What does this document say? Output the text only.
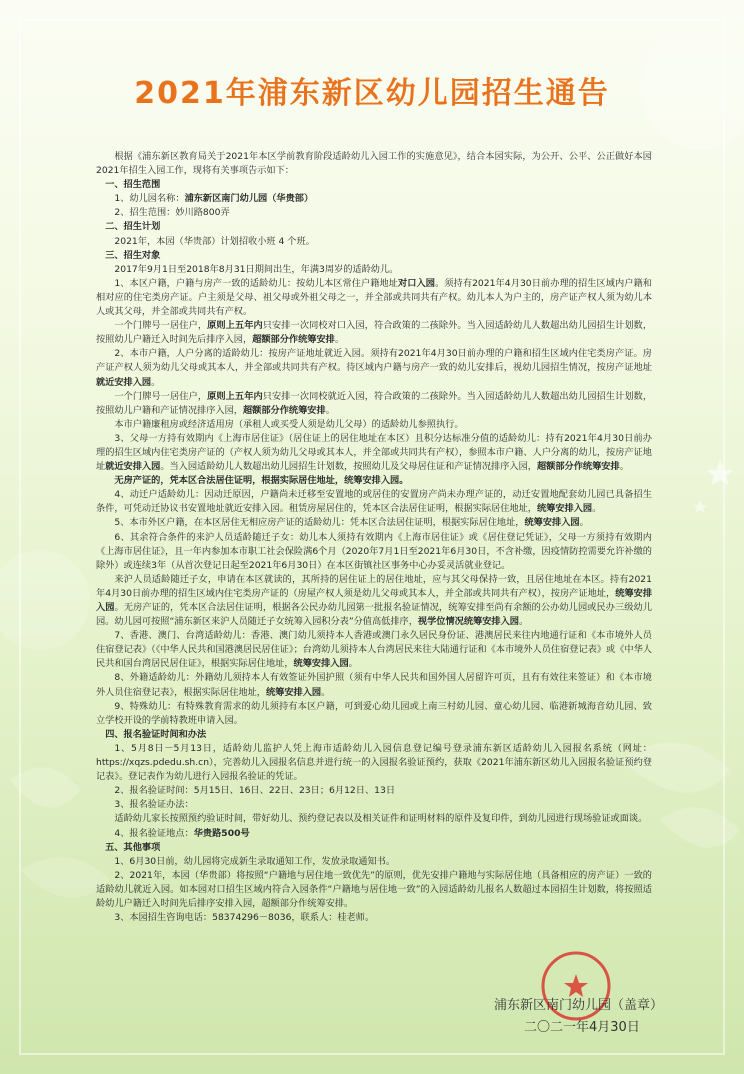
2021年浦东新区幼儿园招生通告

根据《浦东新区教育局关于2021年本区学前教育阶段适龄幼儿入园工作的实施意见》，结合本园实际，为公开、公平、公正做好本园2021年招生入园工作，现将有关事项告示如下：

一、招生范围

1、幼儿园名称：浦东新区南门幼儿园（华贵部）

2、招生范围：妙川路800弄

二、招生计划

2021年，本园（华贵部）计划招收小班 4 个班。

三、招生对象

2017年9月1日至2018年8月31日期间出生，年满3周岁的适龄幼儿。

1、本区户籍，户籍与房产一致的适龄幼儿：按幼儿本区常住户籍地址对口入园。须持有2021年4月30日前办理的招生区域内户籍和相对应的住宅类房产证。户主须是父母、祖父母或外祖父母之一，并全部或共同共有产权。幼儿本人为户主的，房产证产权人须为幼儿本人或其父母，并全部或共同共有产权。

一个门牌号一居住户，原则上五年内只安排一次同校对口入园，符合政策的二孩除外。当入园适龄幼儿人数超出幼儿园招生计划数，按照幼儿户籍迁入时间先后排序入园，超额部分作统筹安排。

2、本市户籍，人户分离的适龄幼儿：按房产证地址就近入园。须持有2021年4月30日前办理的户籍和招生区域内住宅类房产证。房产证产权人须为幼儿父母或其本人，并全部或共同共有产权。待区域内户籍与房产一致的幼儿安排后，视幼儿园招生情况，按房产证地址就近安排入园。

一个门牌号一居住户，原则上五年内只安排一次同校就近入园，符合政策的二孩除外。当入园适龄幼儿人数超出幼儿园招生计划数，按照幼儿户籍和产证情况排序入园，超额部分作统筹安排。

本市户籍廉租房或经济适用房（承租人或买受人须是幼儿父母）的适龄幼儿参照执行。

3、父母一方持有效期内《上海市居住证》（居住证上的居住地址在本区）且积分达标准分值的适龄幼儿：持有2021年4月30日前办理的招生区域内住宅类房产证的（产权人须为幼儿父母或其本人，并全部或共同共有产权），参照本市户籍、人户分离的幼儿，按房产证地址就近安排入园。当入园适龄幼儿人数超出幼儿园招生计划数，按照幼儿及父母居住证和产证情况排序入园，超额部分作统筹安排。

无房产证的，凭本区合法居住证明，根据实际居住地址，统筹安排入园。

4、动迁户适龄幼儿：因动迁原因，户籍尚未迁移至安置地的或居住的安置房产尚未办理产证的，动迁安置地配套幼儿园已具备招生条件，可凭动迁协议书安置地址就近安排入园。租赁房屋居住的，凭本区合法居住证明，根据实际居住地址，统筹安排入园。

5、本市外区户籍，在本区居住无相应房产证的适龄幼儿：凭本区合法居住证明，根据实际居住地址，统筹安排入园。

6、其余符合条件的来沪人员适龄随迁子女：幼儿本人须持有效期内《上海市居住证》或《居住登记凭证》，父母一方须持有效期内《上海市居住证》，且一年内参加本市职工社会保险满6个月（2020年7月1日至2021年6月30日，不含补缴，因疫情防控需要允许补缴的除外）或连续3年（从首次登记日起至2021年6月30日）在本区街镇社区事务中心办妥灵活就业登记。

来沪人员适龄随迁子女，申请在本区就读的，其所持的居住证上的居住地址，应与其父母保持一致，且居住地址在本区。持有2021年4月30日前办理的招生区域内住宅类房产证的（房屋产权人须是幼儿父母或其本人，并全部或共同共有产权），按房产证地址，统筹安排入园。无房产证的，凭本区合法居住证明，根据各公民办幼儿园第一批报名验证情况，统筹安排至尚有余额的公办幼儿园或民办三级幼儿园。幼儿园可按照“浦东新区来沪人员随迁子女统筹入园积分表”分值高低排序，视学位情况统筹安排入园。

7、香港、澳门、台湾适龄幼儿：香港、澳门幼儿须持本人香港或澳门永久居民身份证、港澳居民来往内地通行证和《本市境外人员住宿登记表》（《中华人民共和国港澳居民居住证》；台湾幼儿须持本人台湾居民来往大陆通行证和《本市境外人员住宿登记表》或《中华人民共和国台湾居民居住证》，根据实际居住地址，统筹安排入园。

8、外籍适龄幼儿：外籍幼儿须持本人有效签证外国护照（须有中华人民共和国外国人居留许可页，且有有效往来签证）和《本市境外人员住宿登记表》，根据实际居住地址，统筹安排入园。

9、特殊幼儿：有特殊教育需求的幼儿须持有本区户籍，可到爱心幼儿园或上南三村幼儿园、童心幼儿园、临港新城海音幼儿园、致立学校开设的学前特教班申请入园。

四、报名验证时间和办法

1、5月8日－5月13日，适龄幼儿监护人凭上海市适龄幼儿入园信息登记编号登录浦东新区适龄幼儿入园报名系统（网址：https://xqzs.pdedu.sh.cn），完善幼儿入园报名信息并进行统一的入园报名验证预约，获取《2021年浦东新区幼儿入园报名验证预约登记表》。登记表作为幼儿进行入园报名验证的凭证。

2、报名验证时间：5月15日、16日、22日、23日；6月12日、13日

3、报名验证办法：

适龄幼儿家长按照预约验证时间，带好幼儿、预约登记表以及相关证件和证明材料的原件及复印件，到幼儿园进行现场验证或面谈。

4、报名验证地点：华贵路500号

五、其他事项

1、6月30日前，幼儿园将完成新生录取通知工作，发放录取通知书。

2、2021年，本园（华贵部）将按照“户籍地与居住地一致优先”的原则，优先安排户籍地与实际居住地（具备相应的房产证）一致的适龄幼儿就近入园。如本园对口招生区域内符合入园条件“户籍地与居住地一致”的入园适龄幼儿报名人数超过本园招生计划数，将按照适龄幼儿户籍迁入时间先后排序安排入园，超额部分作统筹安排。

3、本园招生咨询电话：58374296－8036，联系人：桂老师。

浦东新区南门幼儿园（盖章）
二〇二一年4月30日
